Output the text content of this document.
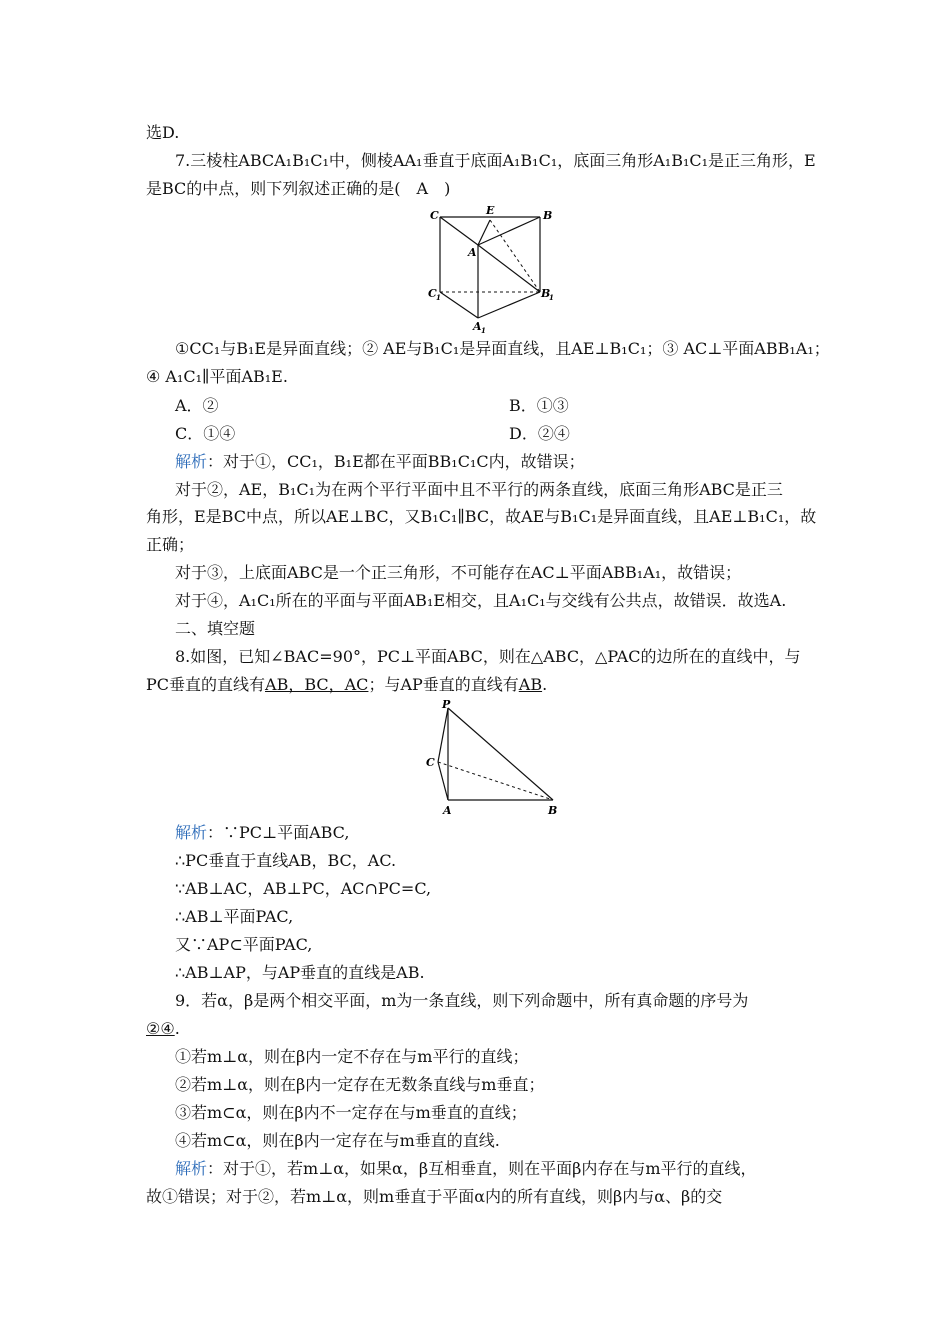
选D.
7.三棱柱ABCA₁B₁C₁中，侧棱AA₁垂直于底面A₁B₁C₁，底面三角形A₁B₁C₁是正三角形，E
是BC的中点，则下列叙述正确的是(　A　)
C	E	B
A
C 1	B
1
A 1
①CC₁与B₁E是异面直线；② AE与B₁C₁是异面直线，且AE⊥B₁C₁；③ AC⊥平面ABB₁A₁；
④ A₁C₁∥平面AB₁E.
A．②	B．①③
C．①④	D．②④
解析：对于①，CC₁，B₁E都在平面BB₁C₁C内，故错误；
对于②，AE，B₁C₁为在两个平行平面中且不平行的两条直线，底面三角形ABC是正三
角形，E是BC中点，所以AE⊥BC，又B₁C₁∥BC，故AE与B₁C₁是异面直线，且AE⊥B₁C₁，故
正确；
对于③，上底面ABC是一个正三角形，不可能存在AC⊥平面ABB₁A₁，故错误；
对于④，A₁C₁所在的平面与平面AB₁E相交，且A₁C₁与交线有公共点，故错误．故选A.
二、填空题
8.如图，已知∠BAC=90°，PC⊥平面ABC，则在△ABC，△PAC的边所在的直线中，与
PC垂直的直线有AB，BC，AC；与AP垂直的直线有AB.
P
C
A	B
解析：∵PC⊥平面ABC,
∴PC垂直于直线AB，BC，AC.
∵AB⊥AC，AB⊥PC，AC∩PC=C,
∴AB⊥平面PAC,
又∵AP⊂平面PAC,
∴AB⊥AP，与AP垂直的直线是AB.
9．若α，β是两个相交平面，m为一条直线，则下列命题中，所有真命题的序号为
②④.
①若m⊥α，则在β内一定不存在与m平行的直线；
②若m⊥α，则在β内一定存在无数条直线与m垂直；
③若m⊂α，则在β内不一定存在与m垂直的直线；
④若m⊂α，则在β内一定存在与m垂直的直线.
解析：对于①，若m⊥α，如果α，β互相垂直，则在平面β内存在与m平行的直线，
故①错误；对于②，若m⊥α，则m垂直于平面α内的所有直线，则β内与α、β的交
